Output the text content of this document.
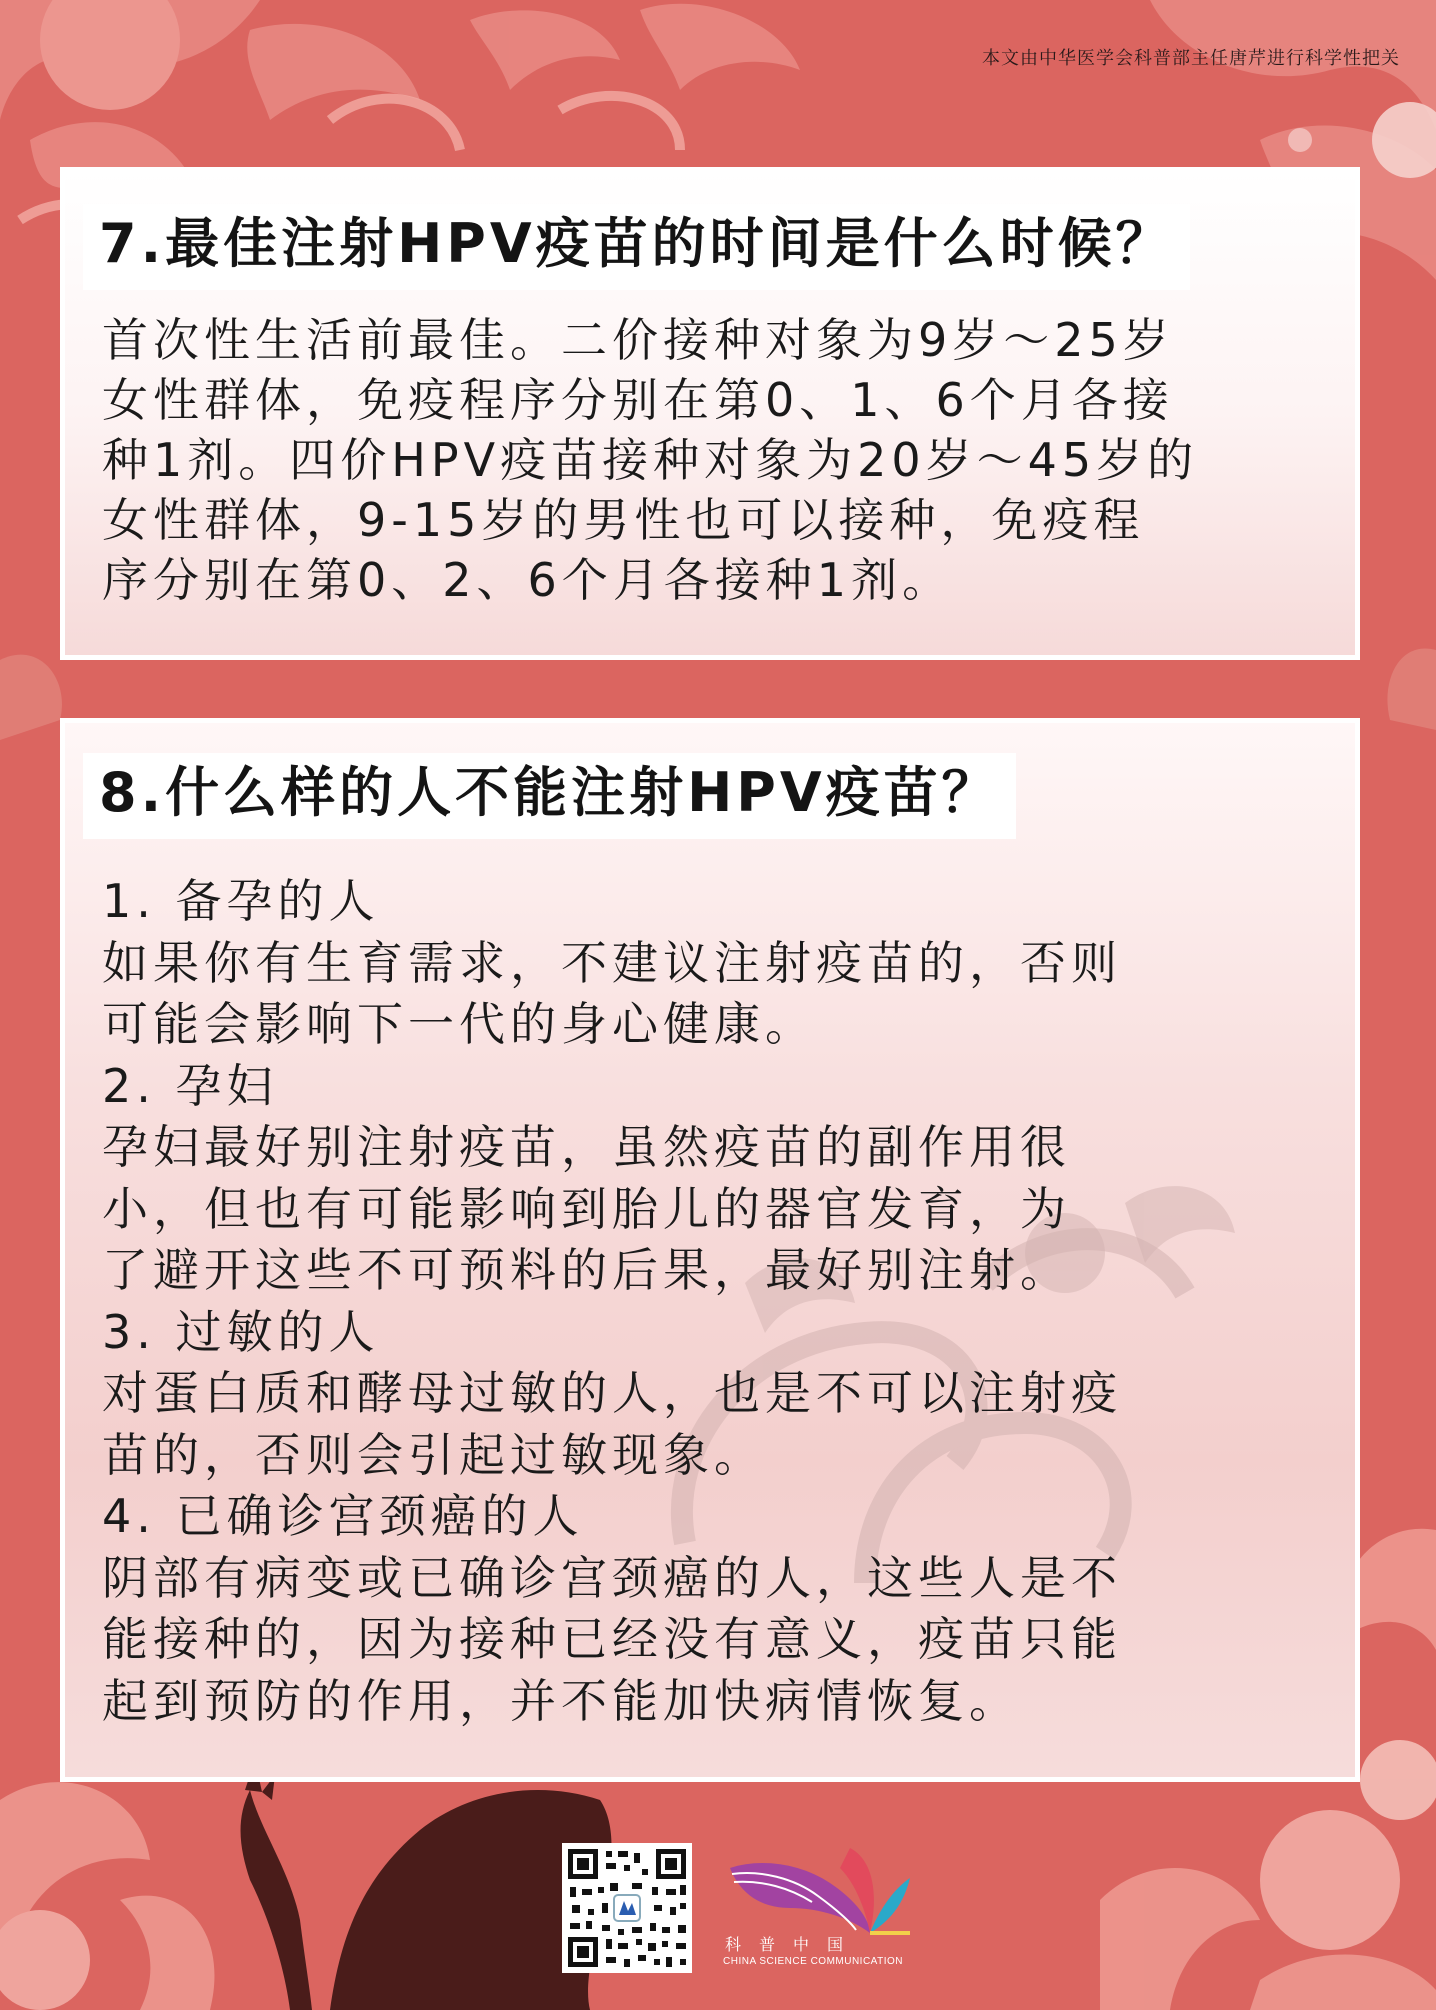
本文由中华医学会科普部主任唐芹进行科学性把关
7.最佳注射HPV疫苗的时间是什么时候？
首次性生活前最佳。二价接种对象为9岁～25岁
女性群体，免疫程序分别在第0、1、6个月各接
种1剂。四价HPV疫苗接种对象为20岁～45岁的
女性群体，9-15岁的男性也可以接种，免疫程
序分别在第0、2、6个月各接种1剂。
8.什么样的人不能注射HPV疫苗？
1. 备孕的人
如果你有生育需求，不建议注射疫苗的，否则
可能会影响下一代的身心健康。
2. 孕妇
孕妇最好别注射疫苗，虽然疫苗的副作用很
小，但也有可能影响到胎儿的器官发育，为
了避开这些不可预料的后果，最好别注射。
3. 过敏的人
对蛋白质和酵母过敏的人，也是不可以注射疫
苗的，否则会引起过敏现象。
4. 已确诊宫颈癌的人
阴部有病变或已确诊宫颈癌的人，这些人是不
能接种的，因为接种已经没有意义，疫苗只能
起到预防的作用，并不能加快病情恢复。
科普中国
CHINA SCIENCE COMMUNICATION
